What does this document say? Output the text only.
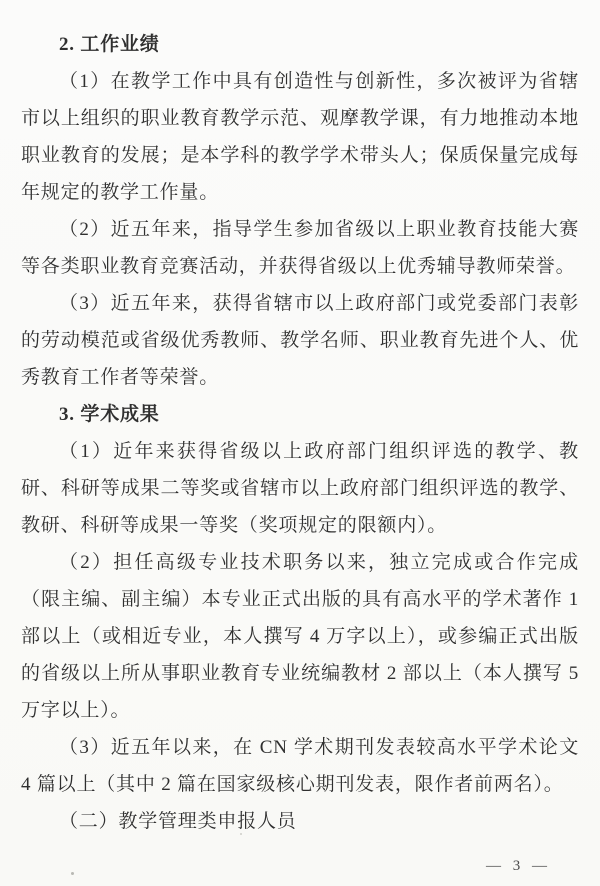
2. 工作业绩

（1）在教学工作中具有创造性与创新性，多次被评为省辖市以上组织的职业教育教学示范、观摩教学课，有力地推动本地职业教育的发展；是本学科的教学学术带头人；保质保量完成每年规定的教学工作量。

（2）近五年来，指导学生参加省级以上职业教育技能大赛等各类职业教育竞赛活动，并获得省级以上优秀辅导教师荣誉。

（3）近五年来，获得省辖市以上政府部门或党委部门表彰的劳动模范或省级优秀教师、教学名师、职业教育先进个人、优秀教育工作者等荣誉。

3. 学术成果

（1）近年来获得省级以上政府部门组织评选的教学、教研、科研等成果二等奖或省辖市以上政府部门组织评选的教学、教研、科研等成果一等奖（奖项规定的限额内）。

（2）担任高级专业技术职务以来，独立完成或合作完成（限主编、副主编）本专业正式出版的具有高水平的学术著作 1 部以上（或相近专业，本人撰写 4 万字以上），或参编正式出版的省级以上所从事职业教育专业统编教材 2 部以上（本人撰写 5 万字以上）。

（3）近五年以来，在 CN 学术期刊发表较高水平学术论文 4 篇以上（其中 2 篇在国家级核心期刊发表，限作者前两名）。

（二）教学管理类申报人员
— 3 —
